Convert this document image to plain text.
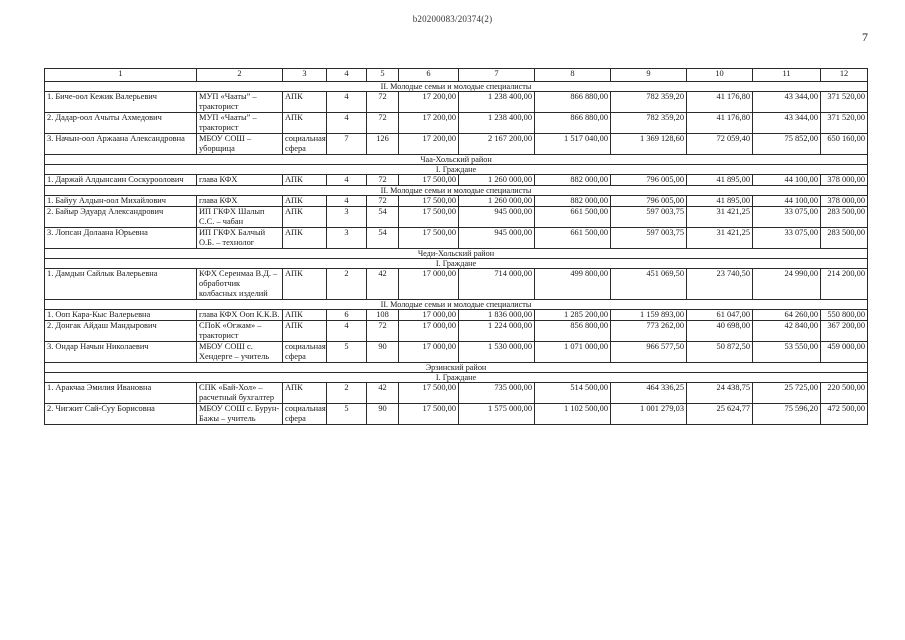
b20200083/20374(2)
7
1	2	3	4	5	6	7	8	9	10	11	12
II. Молодые семьи и молодые специалисты											
1. Бичe-оол Кежик Валерьевич	МУП «Чаатыˮ – тракторист	АПК	4	72	17 200,00	1 238 400,00	866 880,00	782 359,20	41 176,80	43 344,00	371 520,00
2. Дадар-оол Ачыты Ахмедович	МУП «Чаатыˮ – тракторист	АПК	4	72	17 200,00	1 238 400,00	866 880,00	782 359,20	41 176,80	43 344,00	371 520,00
3. Начын-оол Аржаана Александровна	МБОУ СОШ – уборщица	социальная сфера	7	126	17 200,00	2 167 200,00	1 517 040,00	1 369 128,60	72 059,40	75 852,00	650 160,00
Чаа-Хольский район											
I. Граждане											
1. Даржай Алдынсаин Соскурoолович	глава КФХ	АПК	4	72	17 500,00	1 260 000,00	882 000,00	796 005,00	41 895,00	44 100,00	378 000,00
II. Молодые семьи и молодые специалисты											
1. Байуу Алдын-оол Михайлович	глава КФХ	АПК	4	72	17 500,00	1 260 000,00	882 000,00	796 005,00	41 895,00	44 100,00	378 000,00
2. Байыр Эдуард Александрович	ИП ГКФХ Шалып С.С. – чабан	АПК	3	54	17 500,00	945 000,00	661 500,00	597 003,75	31 421,25	33 075,00	283 500,00
3. Лопсан Долаана Юрьевна	ИП ГКФХ Балчый О.Б. – технолог	АПК	3	54	17 500,00	945 000,00	661 500,00	597 003,75	31 421,25	33 075,00	283 500,00
Чеди-Хольский район											
I. Граждане											
1. Дамдын Сайлык Валерьевна	КФХ Серенмаа В.Д. – обработчик колбасных изделий	АПК	2	42	17 000,00	714 000,00	499 800,00	451 069,50	23 740,50	24 990,00	214 200,00
II. Молодые семьи и молодые специалисты											
1. Ооп Кара-Кыс Валерьевна	глава КФХ Ооп К.К.В.	АПК	6	108	17 000,00	1 836 000,00	1 285 200,00	1 159 893,00	61 047,00	64 260,00	550 800,00
2. Донгак Айдаш Мандырович	СПоК «Огжам» – тракторист	АПК	4	72	17 000,00	1 224 000,00	856 800,00	773 262,00	40 698,00	42 840,00	367 200,00
3. Ондар Начын Николаевич	МБОУ СОШ с. Хендерге – учитель	социальная сфера	5	90	17 000,00	1 530 000,00	1 071 000,00	966 577,50	50 872,50	53 550,00	459 000,00
Эрзинский район											
I. Граждане											
1. Аракчаа Эмилия Ивановна	СПК «Бай-Хол» – расчетный бухгалтер	АПК	2	42	17 500,00	735 000,00	514 500,00	464 336,25	24 438,75	25 725,00	220 500,00
2. Чигжит Сай-Суу Борисовна	МБОУ СОШ с. Бурун-Бажы – учитель	социальная сфера	5	90	17 500,00	1 575 000,00	1 102 500,00	1 001 279,03	25 624,77	75 596,20	472 500,00
